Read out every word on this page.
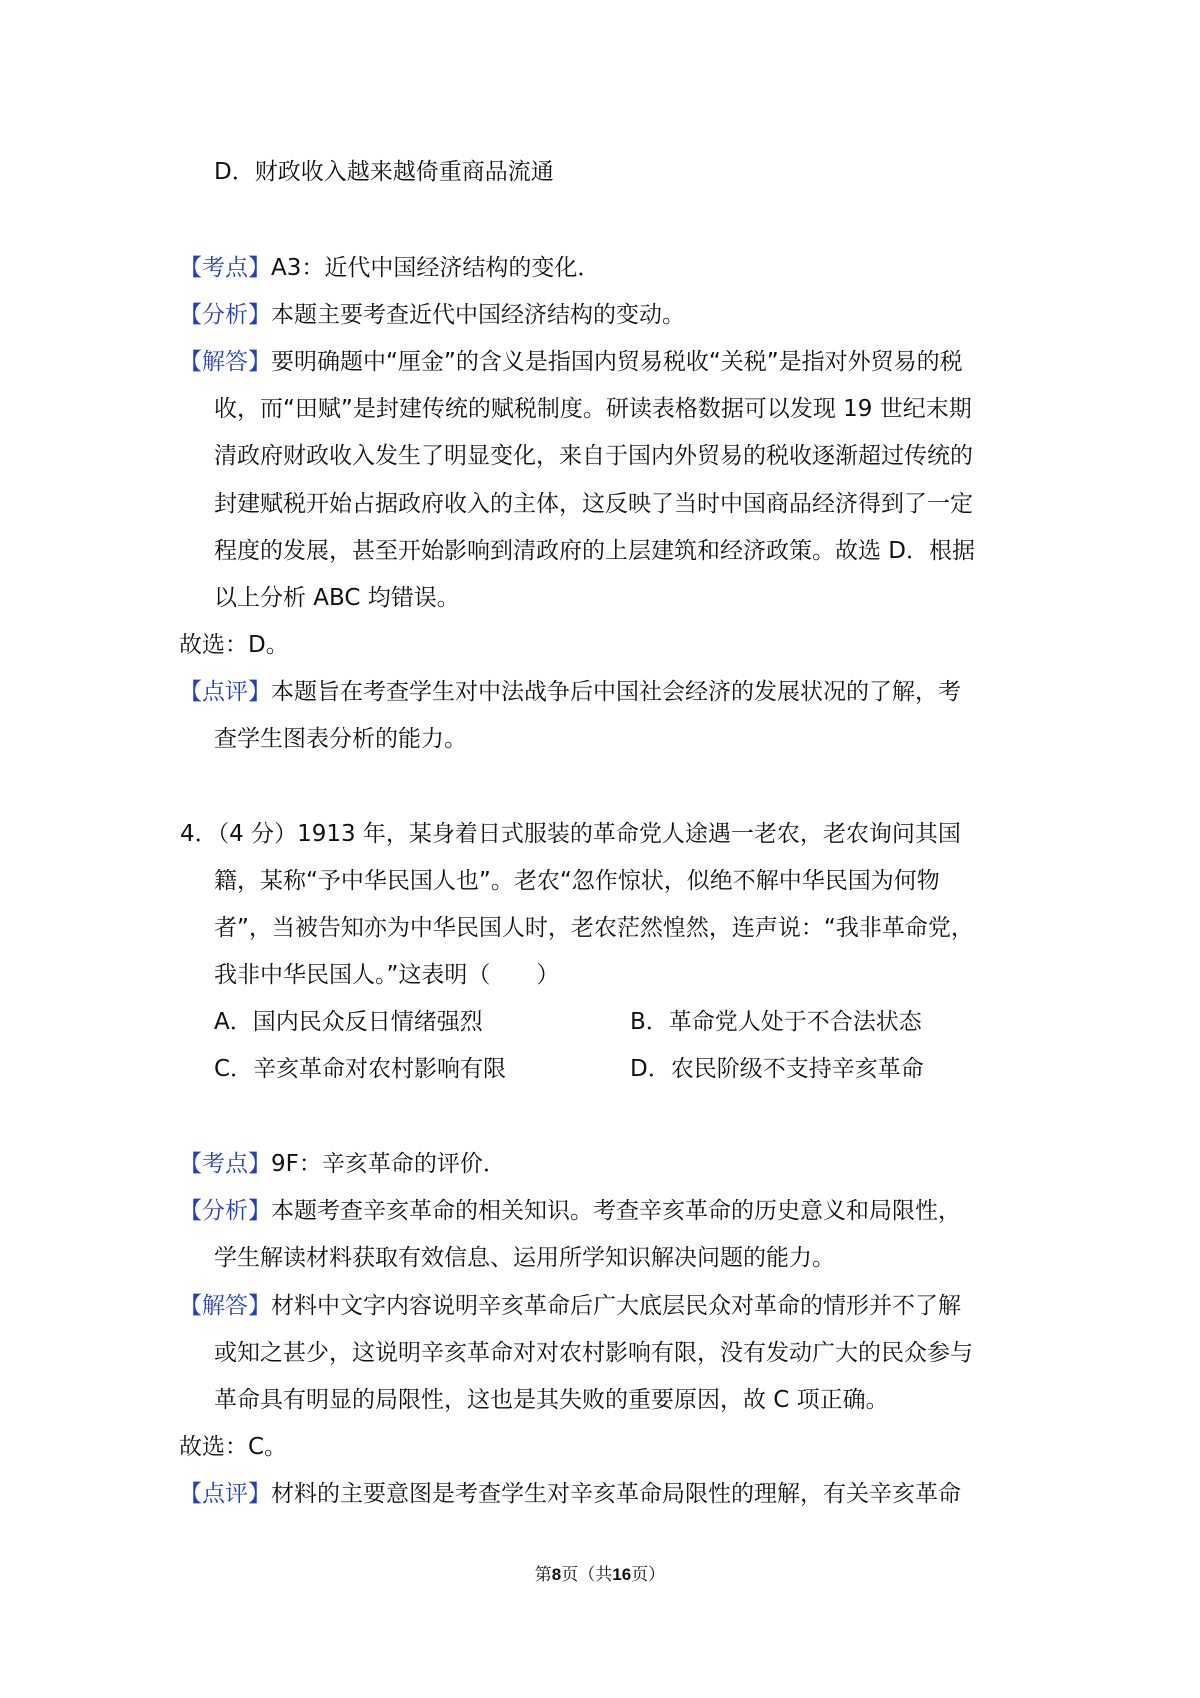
D．财政收入越来越倚重商品流通
【考点】A3：近代中国经济结构的变化．
【分析】本题主要考查近代中国经济结构的变动。
【解答】要明确题中“厘金”的含义是指国内贸易税收“关税”是指对外贸易的税
收，而“田赋”是封建传统的赋税制度。研读表格数据可以发现 19 世纪末期
清政府财政收入发生了明显变化，来自于国内外贸易的税收逐渐超过传统的
封建赋税开始占据政府收入的主体，这反映了当时中国商品经济得到了一定
程度的发展，甚至开始影响到清政府的上层建筑和经济政策。故选 D．根据
以上分析 ABC 均错误。
故选：D。
【点评】本题旨在考查学生对中法战争后中国社会经济的发展状况的了解，考
查学生图表分析的能力。
4．（4 分）1913 年，某身着日式服装的革命党人途遇一老农，老农询问其国
籍，某称“予中华民国人也”。老农“忽作惊状，似绝不解中华民国为何物
者”，当被告知亦为中华民国人时，老农茫然惶然，连声说：“我非革命党，
我非中华民国人。”这表明（　　）
A．国内民众反日情绪强烈	B．革命党人处于不合法状态
C．辛亥革命对农村影响有限	D．农民阶级不支持辛亥革命
【考点】9F：辛亥革命的评价．
【分析】本题考查辛亥革命的相关知识。考查辛亥革命的历史意义和局限性，
学生解读材料获取有效信息、运用所学知识解决问题的能力。
【解答】材料中文字内容说明辛亥革命后广大底层民众对革命的情形并不了解
或知之甚少，这说明辛亥革命对对农村影响有限，没有发动广大的民众参与
革命具有明显的局限性，这也是其失败的重要原因，故 C 项正确。
故选：C。
【点评】材料的主要意图是考查学生对辛亥革命局限性的理解，有关辛亥革命
第8页（共16页）
